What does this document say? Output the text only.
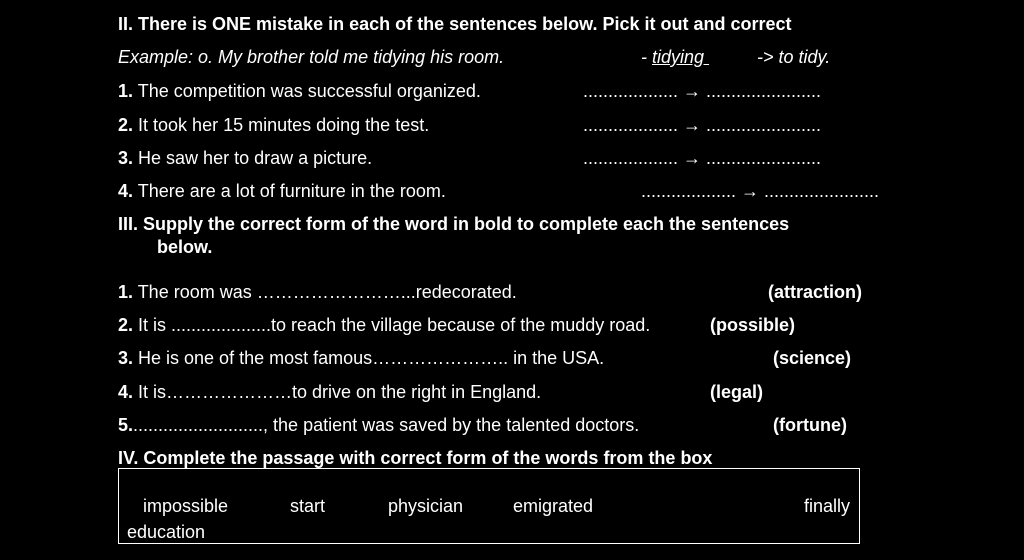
II. There is ONE mistake in each of the sentences below. Pick it out and correct
Example: o. My brother told me tidying his room.	- tidying	-> to tidy.
1. The competition was successful organized.	................... → .......................
2. It took her 15 minutes doing the test.	................... → .......................
3. He saw her to draw a picture.	................... → .......................
4. There are a lot of furniture in the room.	................... → .......................
III. Supply the correct form of the word in bold to complete each the sentences
below.
1. The room was ……………………...redecorated.	(attraction)
2. It is ....................to reach the village because of the muddy road.	(possible)
3. He is one of the most famous………………….. in the USA.	(science)
4. It is…………………to drive on the right in England.	(legal)
5..........................., the patient was saved by the talented doctors.	(fortune)
IV. Complete the passage with correct form of the words from the box
impossible	start	physician	emigrated	finally
education
